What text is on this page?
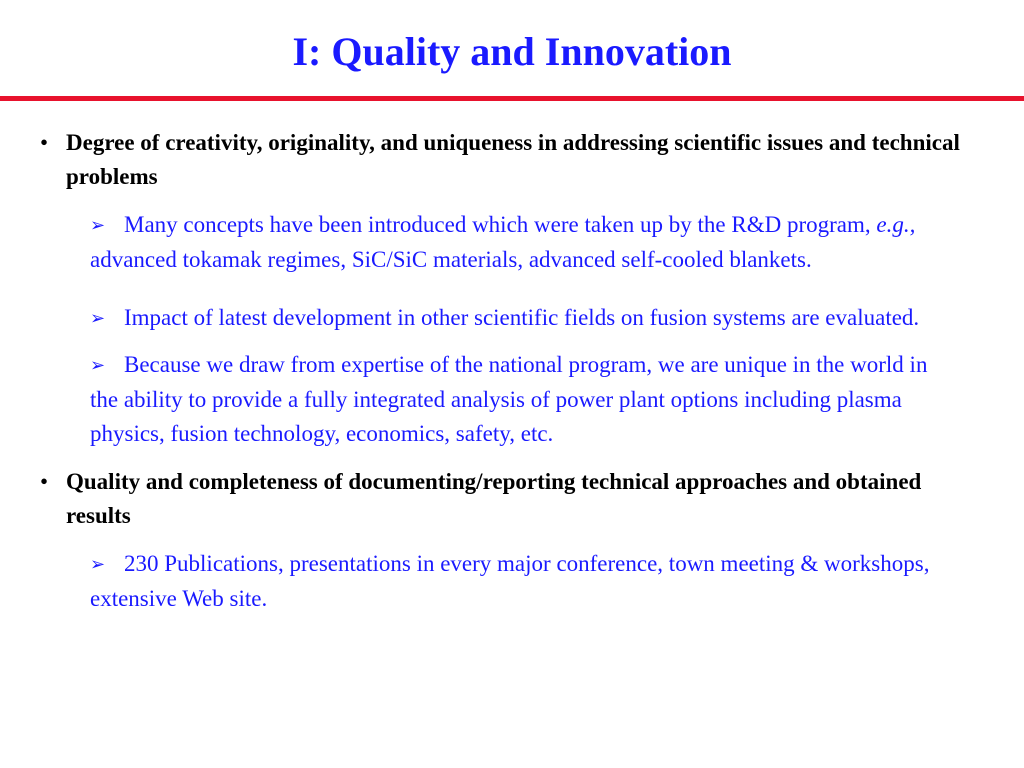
I: Quality and Innovation
• Degree of creativity, originality, and uniqueness in addressing scientific issues and technical problems
➢ Many concepts have been introduced which were taken up by the R&D program, e.g., advanced tokamak regimes, SiC/SiC materials, advanced self-cooled blankets.
➢ Impact of latest development in other scientific fields on fusion systems are evaluated.
➢ Because we draw from expertise of the national program, we are unique in the world in the ability to provide a fully integrated analysis of power plant options including plasma physics, fusion technology, economics, safety, etc.
• Quality and completeness of documenting/reporting technical approaches and obtained results
➢ 230 Publications, presentations in every major conference, town meeting & workshops, extensive Web site.
